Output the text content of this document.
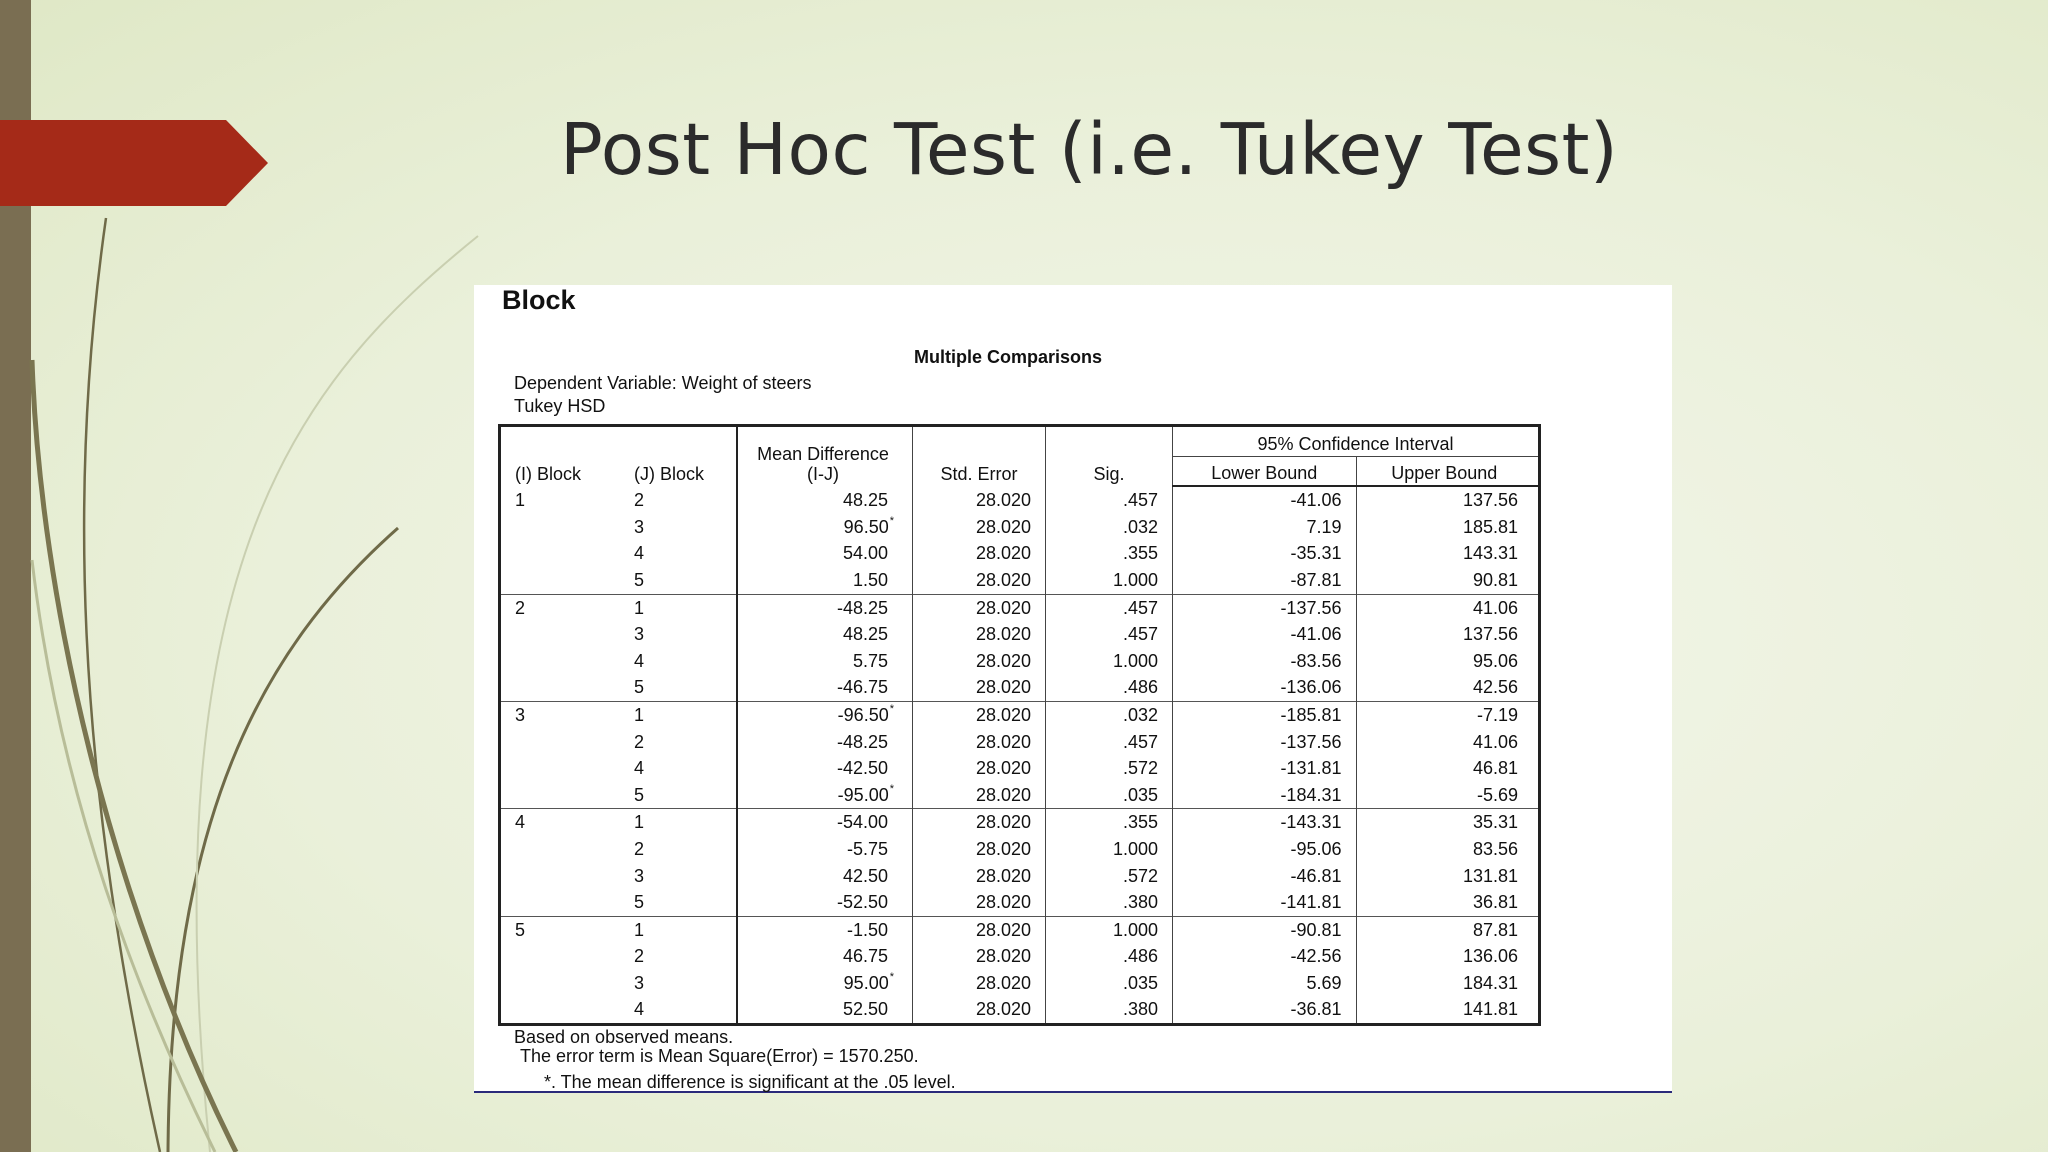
Post Hoc Test (i.e. Tukey Test)
Block
Multiple Comparisons
Dependent Variable: Weight of steers
Tukey HSD
(I) Block	(J) Block	Mean Difference (I-J)	Std. Error	Sig.	95% Confidence Interval	
					Lower Bound	Upper Bound
1	2	48.25	28.020	.457	-41.06	137.56
	3	96.50*	28.020	.032	7.19	185.81
	4	54.00	28.020	.355	-35.31	143.31
	5	1.50	28.020	1.000	-87.81	90.81
2	1	-48.25	28.020	.457	-137.56	41.06
	3	48.25	28.020	.457	-41.06	137.56
	4	5.75	28.020	1.000	-83.56	95.06
	5	-46.75	28.020	.486	-136.06	42.56
3	1	-96.50*	28.020	.032	-185.81	-7.19
	2	-48.25	28.020	.457	-137.56	41.06
	4	-42.50	28.020	.572	-131.81	46.81
	5	-95.00*	28.020	.035	-184.31	-5.69
4	1	-54.00	28.020	.355	-143.31	35.31
	2	-5.75	28.020	1.000	-95.06	83.56
	3	42.50	28.020	.572	-46.81	131.81
	5	-52.50	28.020	.380	-141.81	36.81
5	1	-1.50	28.020	1.000	-90.81	87.81
	2	46.75	28.020	.486	-42.56	136.06
	3	95.00*	28.020	.035	5.69	184.31
	4	52.50	28.020	.380	-36.81	141.81
Based on observed means.
The error term is Mean Square(Error) = 1570.250.
*. The mean difference is significant at the .05 level.
